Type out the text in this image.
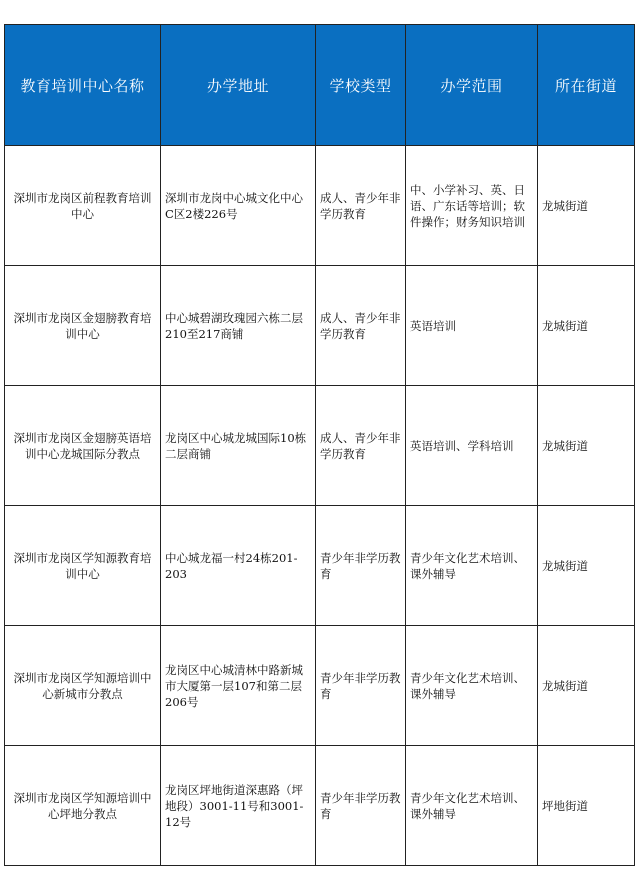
教育培训中心名称	办学地址	学校类型	办学范围	所在街道
深圳市龙岗区前程教育培训中心	深圳市龙岗中心城文化中心C区2楼226号	成人、青少年非学历教育	中、小学补习、英、日语、广东话等培训；软件操作；财务知识培训	龙城街道
深圳市龙岗区金翅膀教育培训中心	中心城碧湖玫瑰园六栋二层210至217商铺	成人、青少年非学历教育	英语培训	龙城街道
深圳市龙岗区金翅膀英语培训中心龙城国际分教点	龙岗区中心城龙城国际10栋二层商铺	成人、青少年非学历教育	英语培训、学科培训	龙城街道
深圳市龙岗区学知源教育培训中心	中心城龙福一村24栋201-203	青少年非学历教育	青少年文化艺术培训、课外辅导	龙城街道
深圳市龙岗区学知源培训中心新城市分教点	龙岗区中心城清林中路新城市大厦第一层107和第二层206号	青少年非学历教育	青少年文化艺术培训、课外辅导	龙城街道
深圳市龙岗区学知源培训中心坪地分教点	龙岗区坪地街道深惠路（坪地段）3001-11号和3001-12号	青少年非学历教育	青少年文化艺术培训、课外辅导	坪地街道
